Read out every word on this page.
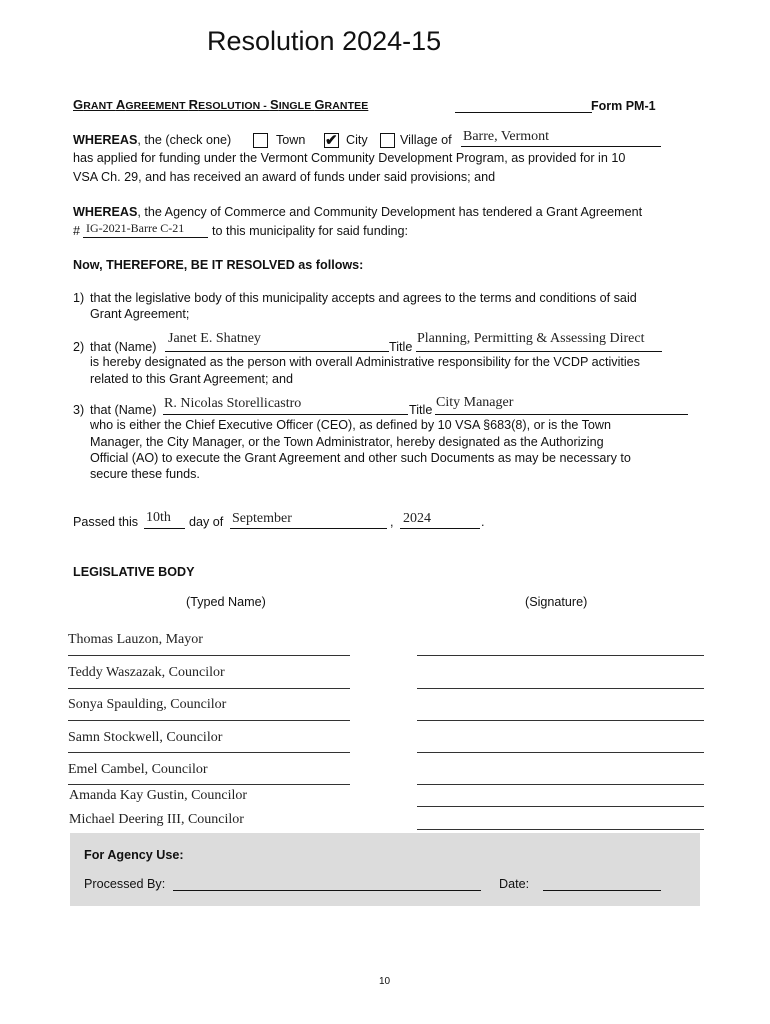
Resolution 2024-15
GRANT AGREEMENT RESOLUTION - SINGLE GRANTEE	Form PM-1
WHEREAS, the (check one)	Town ✔ City	Village of Barre, Vermont
has applied for funding under the Vermont Community Development Program, as provided for in 10
VSA Ch. 29, and has received an award of funds under said provisions; and
WHEREAS, the Agency of Commerce and Community Development has tendered a Grant Agreement
# IG-2021-Barre C-21 to this municipality for said funding:
Now, THEREFORE, BE IT RESOLVED as follows:
1) that the legislative body of this municipality accepts and agrees to the terms and conditions of said
Grant Agreement;
2) that (Name)
Janet E. Shatney
Title
Planning, Permitting & Assessing Direct
is hereby designated as the person with overall Administrative responsibility for the VCDP activities
related to this Grant Agreement; and
3) that (Name) R. Nicolas Storellicastro	Title City Manager
who is either the Chief Executive Officer (CEO), as defined by 10 VSA §683(8), or is the Town
Manager, the City Manager, or the Town Administrator, hereby designated as the Authorizing
Official (AO) to execute the Grant Agreement and other such Documents as may be necessary to
secure these funds.
Passed this 10th day of September	, 2024	.
LEGISLATIVE BODY
(Typed Name)	(Signature)
Thomas Lauzon, Mayor
Teddy Waszazak, Councilor
Sonya Spaulding, Councilor
Samn Stockwell, Councilor
Emel Cambel, Councilor
Amanda Kay Gustin, Councilor
Michael Deering III, Councilor
For Agency Use:
Processed By:	Date:
10
